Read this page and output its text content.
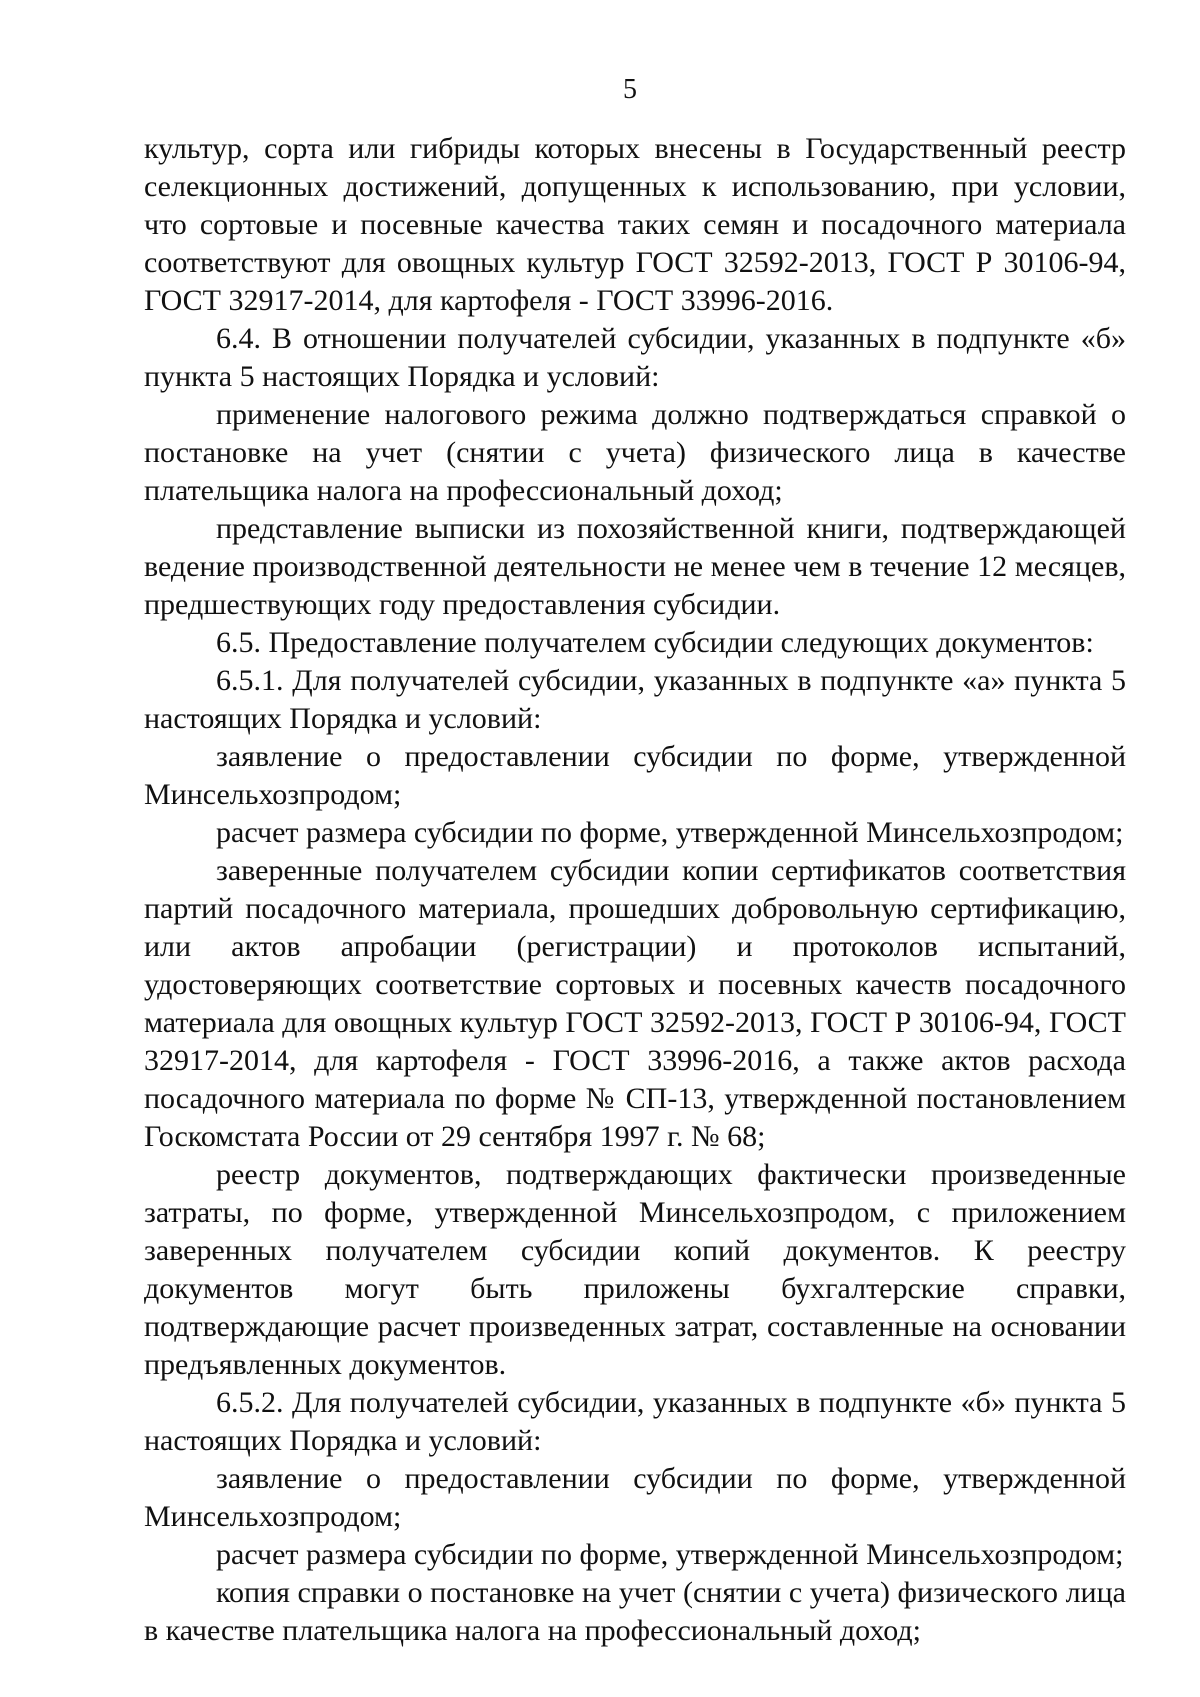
5

культур, сорта или гибриды которых внесены в Государственный реестр селекционных достижений, допущенных к использованию, при условии, что сортовые и посевные качества таких семян и посадочного материала соответствуют для овощных культур ГОСТ 32592-2013, ГОСТ Р 30106-94, ГОСТ 32917-2014, для картофеля - ГОСТ 33996-2016.

6.4. В отношении получателей субсидии, указанных в подпункте «б» пункта 5 настоящих Порядка и условий:

применение налогового режима должно подтверждаться справкой о постановке на учет (снятии с учета) физического лица в качестве плательщика налога на профессиональный доход;

представление выписки из похозяйственной книги, подтверждающей ведение производственной деятельности не менее чем в течение 12 месяцев, предшествующих году предоставления субсидии.

6.5. Предоставление получателем субсидии следующих документов:

6.5.1. Для получателей субсидии, указанных в подпункте «а» пункта 5 настоящих Порядка и условий:

заявление о предоставлении субсидии по форме, утвержденной Минсельхозпродом;

расчет размера субсидии по форме, утвержденной Минсельхозпродом;

заверенные получателем субсидии копии сертификатов соответствия партий посадочного материала, прошедших добровольную сертификацию, или актов апробации (регистрации) и протоколов испытаний, удостоверяющих соответствие сортовых и посевных качеств посадочного материала для овощных культур ГОСТ 32592-2013, ГОСТ Р 30106-94, ГОСТ 32917-2014, для картофеля - ГОСТ 33996-2016, а также актов расхода посадочного материала по форме № СП-13, утвержденной постановлением Госкомстата России от 29 сентября 1997 г. № 68;

реестр документов, подтверждающих фактически произведенные затраты, по форме, утвержденной Минсельхозпродом, с приложением заверенных получателем субсидии копий документов. К реестру документов могут быть приложены бухгалтерские справки, подтверждающие расчет произведенных затрат, составленные на основании предъявленных документов.

6.5.2. Для получателей субсидии, указанных в подпункте «б» пункта 5 настоящих Порядка и условий:

заявление о предоставлении субсидии по форме, утвержденной Минсельхозпродом;

расчет размера субсидии по форме, утвержденной Минсельхозпродом;

копия справки о постановке на учет (снятии с учета) физического лица в качестве плательщика налога на профессиональный доход;
